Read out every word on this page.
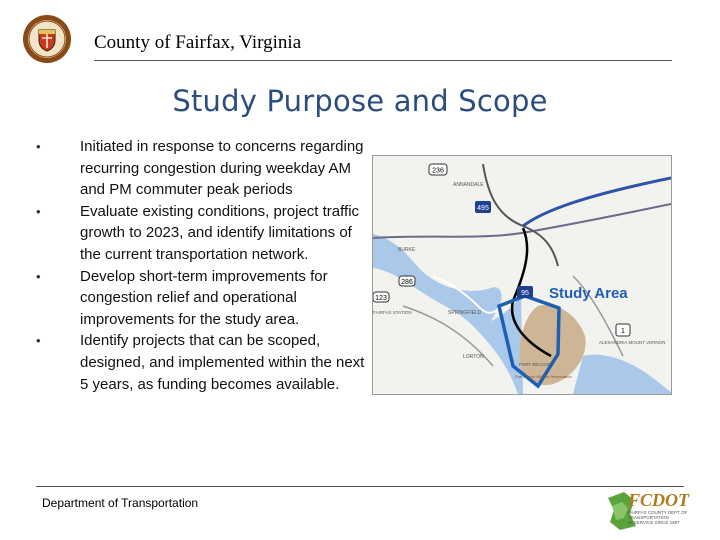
County of Fairfax, Virginia
Study Purpose and Scope
•	Initiated in response to concerns regarding recurring congestion during weekday AM and PM commuter peak periods
•	Evaluate existing conditions, project traffic growth to 2023, and identify limitations of the current transportation network.
•	Develop short-term improvements for congestion relief and operational improvements for the study area.
•	Identify projects that can be scoped, designed, and implemented within the next 5 years, as funding becomes available.
236
495
286
123
95
1
ANNANDALE
BURKE
FAIRFAX STATION	SPRINGFIELD
ALEXANDRIA MOUNT VERNON
FORT BELVOIR
Fort Belvoir Military Reservation
LORTON
Study Area
Department of Transportation	FCDOT
FAIRFAX COUNTY DEPT OF
TRANSPORTATION
IN SERVICE SINCE 1987
